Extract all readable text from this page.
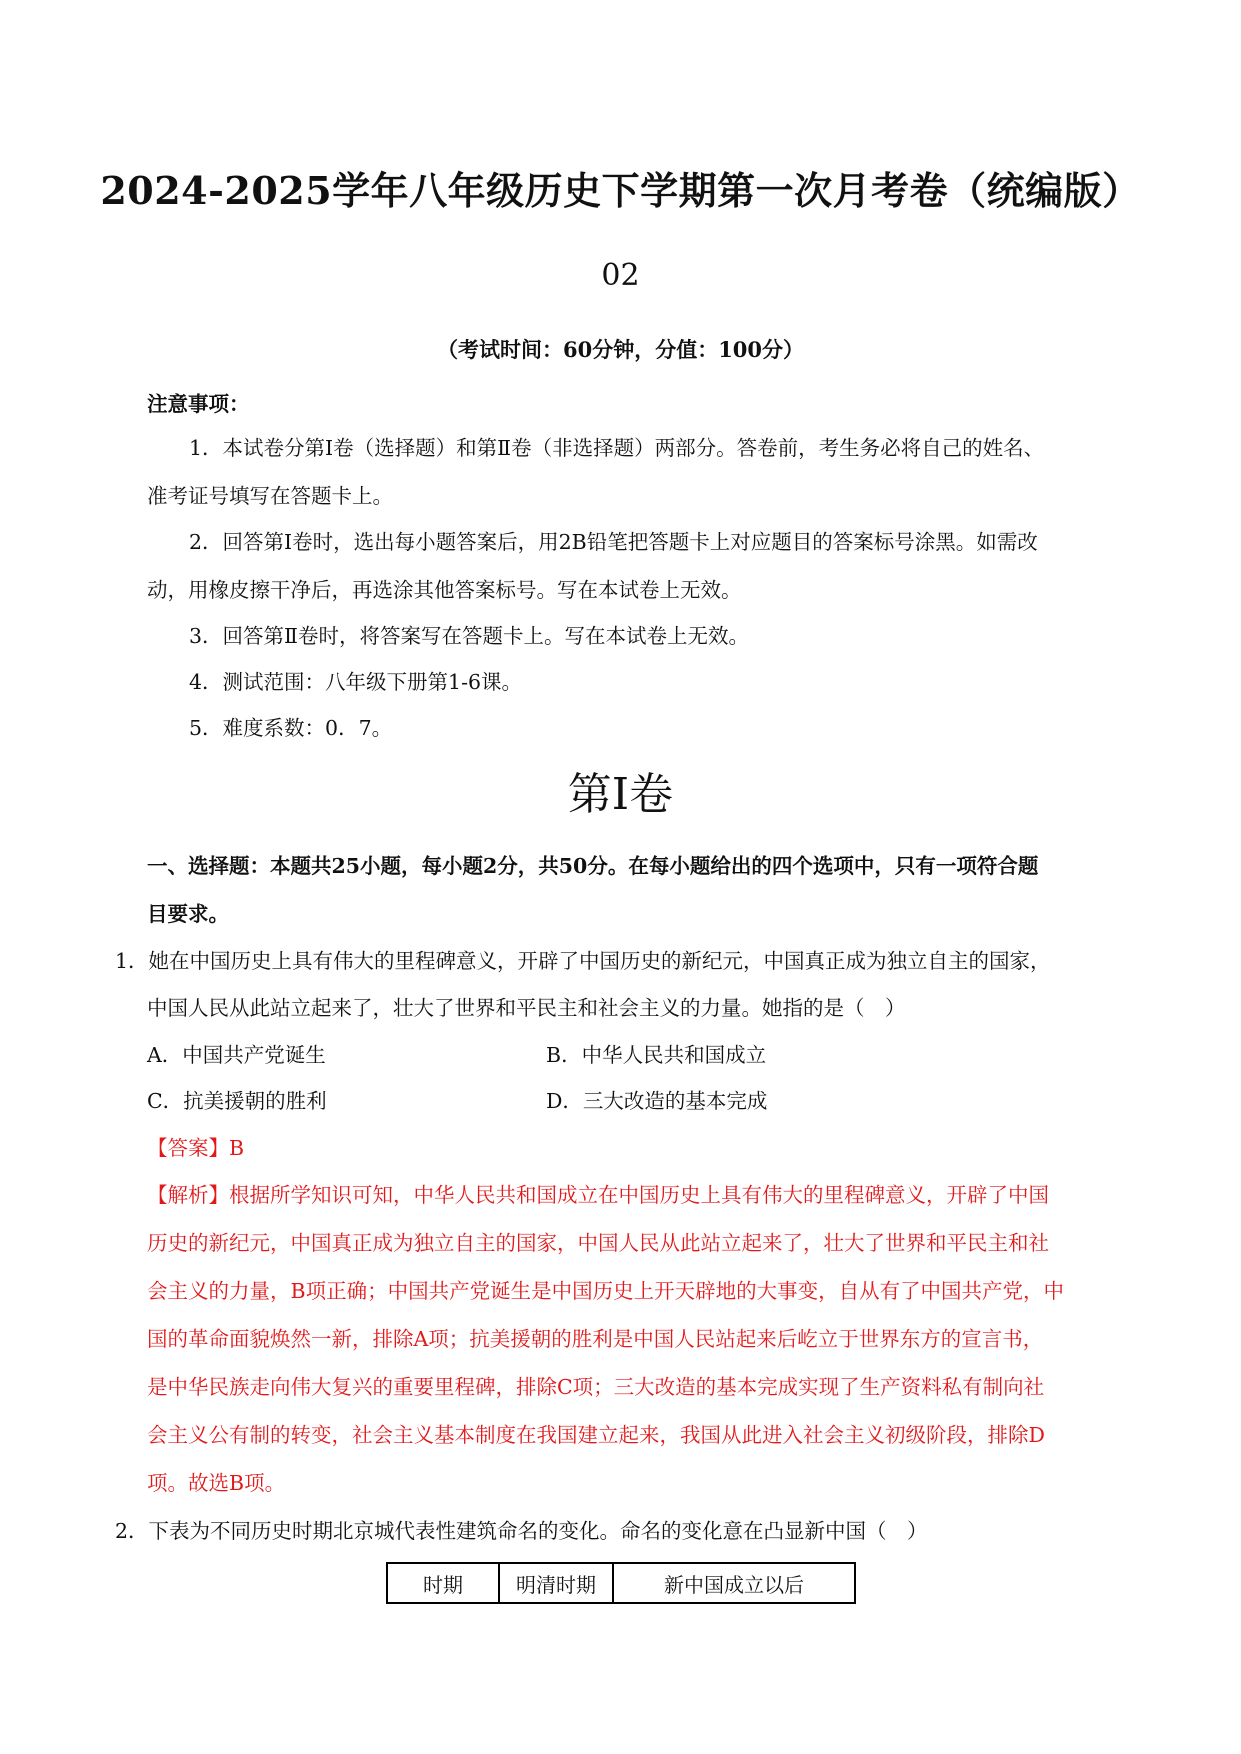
2024-2025学年八年级历史下学期第一次月考卷（统编版）
02
（考试时间：60分钟，分值：100分）
注意事项：
1．本试卷分第Ⅰ卷（选择题）和第Ⅱ卷（非选择题）两部分。答卷前，考生务必将自己的姓名、
准考证号填写在答题卡上。
2．回答第Ⅰ卷时，选出每小题答案后，用2B铅笔把答题卡上对应题目的答案标号涂黑。如需改
动，用橡皮擦干净后，再选涂其他答案标号。写在本试卷上无效。
3．回答第Ⅱ卷时，将答案写在答题卡上。写在本试卷上无效。
4．测试范围：八年级下册第1-6课。
5．难度系数：0．7。
第Ⅰ卷
一、选择题：本题共25小题，每小题2分，共50分。在每小题给出的四个选项中，只有一项符合题
目要求。
1．她在中国历史上具有伟大的里程碑意义，开辟了中国历史的新纪元，中国真正成为独立自主的国家，
中国人民从此站立起来了，壮大了世界和平民主和社会主义的力量。她指的是（　）
A．中国共产党诞生	B．中华人民共和国成立
C．抗美援朝的胜利	D．三大改造的基本完成
【答案】B
【解析】根据所学知识可知，中华人民共和国成立在中国历史上具有伟大的里程碑意义，开辟了中国
历史的新纪元，中国真正成为独立自主的国家，中国人民从此站立起来了，壮大了世界和平民主和社
会主义的力量，B项正确；中国共产党诞生是中国历史上开天辟地的大事变，自从有了中国共产党，中
国的革命面貌焕然一新，排除A项；抗美援朝的胜利是中国人民站起来后屹立于世界东方的宣言书，
是中华民族走向伟大复兴的重要里程碑，排除C项；三大改造的基本完成实现了生产资料私有制向社
会主义公有制的转变，社会主义基本制度在我国建立起来，我国从此进入社会主义初级阶段，排除D
项。故选B项。
2．下表为不同历史时期北京城代表性建筑命名的变化。命名的变化意在凸显新中国（　）
时期	明清时期	新中国成立以后
